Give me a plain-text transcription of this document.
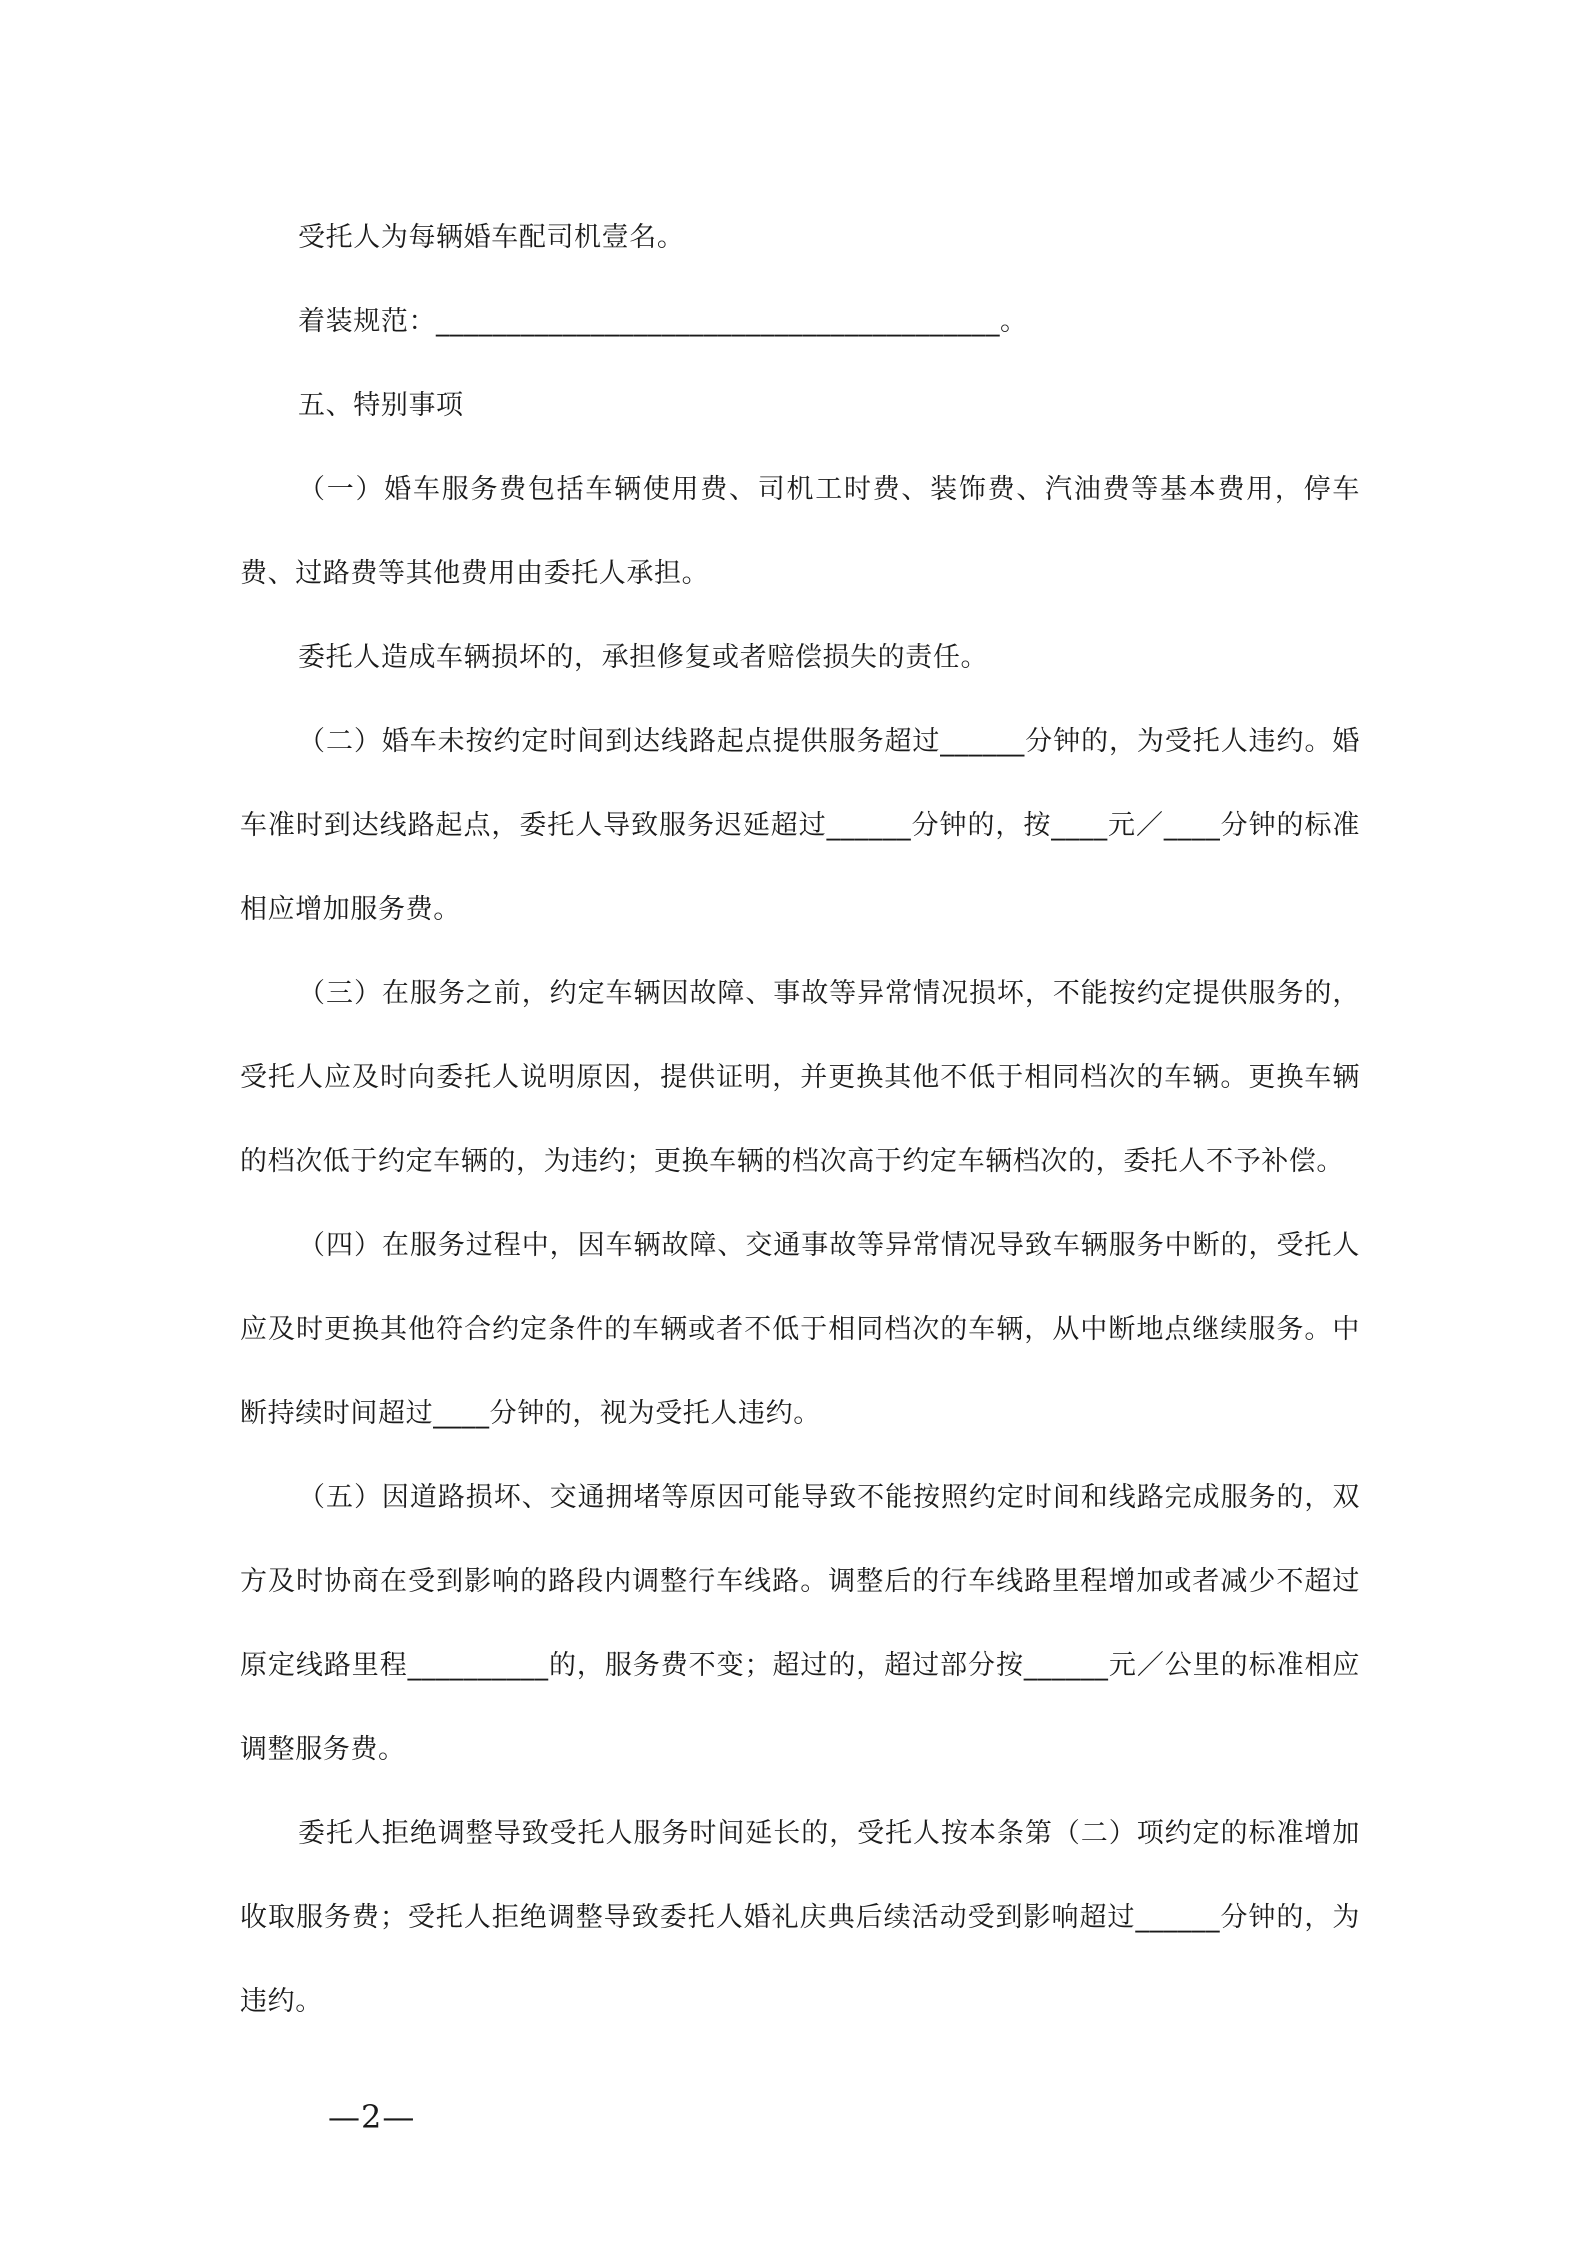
受托人为每辆婚车配司机壹名。

着装规范：________________________________________。

五、特别事项

（一）婚车服务费包括车辆使用费、司机工时费、装饰费、汽油费等基本费用，停车费、过路费等其他费用由委托人承担。

委托人造成车辆损坏的，承担修复或者赔偿损失的责任。

（二）婚车未按约定时间到达线路起点提供服务超过______分钟的，为受托人违约。婚车准时到达线路起点，委托人导致服务迟延超过______分钟的，按____元／____分钟的标准相应增加服务费。

（三）在服务之前，约定车辆因故障、事故等异常情况损坏，不能按约定提供服务的，受托人应及时向委托人说明原因，提供证明，并更换其他不低于相同档次的车辆。更换车辆的档次低于约定车辆的，为违约；更换车辆的档次高于约定车辆档次的，委托人不予补偿。

（四）在服务过程中，因车辆故障、交通事故等异常情况导致车辆服务中断的，受托人应及时更换其他符合约定条件的车辆或者不低于相同档次的车辆，从中断地点继续服务。中断持续时间超过____分钟的，视为受托人违约。

（五）因道路损坏、交通拥堵等原因可能导致不能按照约定时间和线路完成服务的，双方及时协商在受到影响的路段内调整行车线路。调整后的行车线路里程增加或者减少不超过原定线路里程__________的，服务费不变；超过的，超过部分按______元／公里的标准相应调整服务费。

委托人拒绝调整导致受托人服务时间延长的，受托人按本条第（二）项约定的标准增加收取服务费；受托人拒绝调整导致委托人婚礼庆典后续活动受到影响超过______分钟的，为违约。

—2—
